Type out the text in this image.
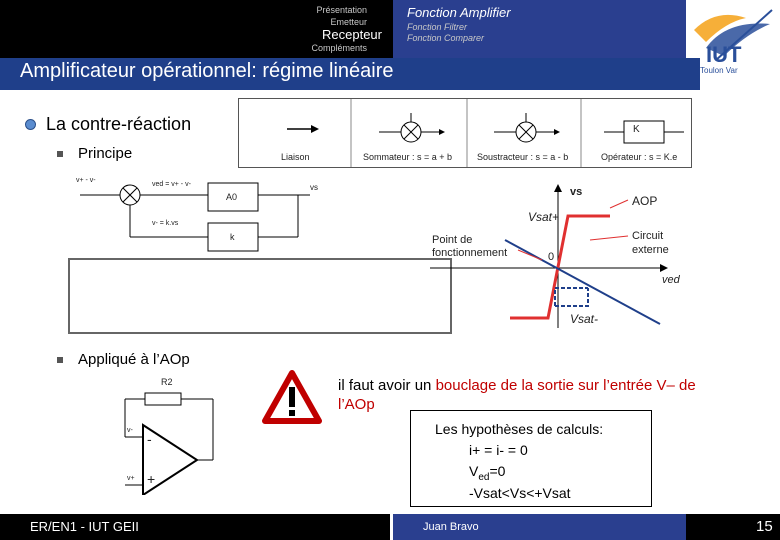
Présentation
Emetteur
Recepteur
Compléments
Fonction Amplifier
Fonction Filtrer
Fonction Comparer
IUT
Toulon Var
Amplificateur opérationnel: régime linéaire
La contre-réaction
Principe
K
Liaison	Sommateur : s = a + b	Soustracteur : s = a - b	Opérateur : s = K.e
v+ - v-
ved = v+ - v-	vs
A0
v- = k.vs
k
vs
AOP
Vsat+
Point de
fonctionnement	0
Circuit
externe
ved
Vsat-
Appliqué à l’AOp
R2
-
+
v-
v+
il faut avoir un bouclage de la sortie sur l’entrée V– de
l’AOp
Les hypothèses de calculs:
i+ = i- = 0
$V_{ed}=0$
-Vsat<Vs<+Vsat
ER/EN1 - IUT GEII	Juan Bravo	15
